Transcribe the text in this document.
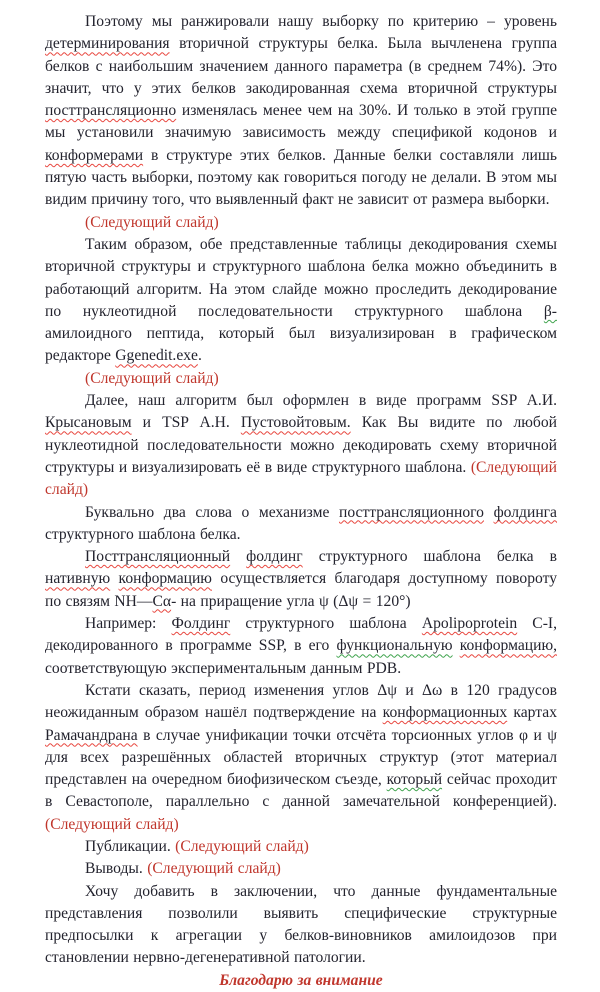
Поэтому мы ранжировали нашу выборку по критерию – уровень детерминирования вторичной структуры белка. Была вычленена группа белков с наибольшим значением данного параметра (в среднем 74%). Это значит, что у этих белков закодированная схема вторичной структуры посттрансляционно изменялась менее чем на 30%. И только в этой группе мы установили значимую зависимость между спецификой кодонов и конформерами в структуре этих белков. Данные белки составляли лишь пятую часть выборки, поэтому как говориться погоду не делали. В этом мы видим причину того, что выявленный факт не зависит от размера выборки.

(Следующий слайд)

Таким образом, обе представленные таблицы декодирования схемы вторичной структуры и структурного шаблона белка можно объединить в работающий алгоритм. На этом слайде можно проследить декодирование по нуклеотидной последовательности структурного шаблона β-амилоидного пептида, который был визуализирован в графическом редакторе Ggenedit.exe.

(Следующий слайд)

Далее, наш алгоритм был оформлен в виде программ SSP А.И. Крысановым и TSP А.Н. Пустовойтовым. Как Вы видите по любой нуклеотидной последовательности можно декодировать схему вторичной структуры и визуализировать её в виде структурного шаблона. (Следующий слайд)

Буквально два слова о механизме посттрансляционного фолдинга структурного шаблона белка.

Посттрансляционный фолдинг структурного шаблона белка в нативную конформацию осуществляется благодаря доступному повороту по связям NH—Cα- на приращение угла ψ (Δψ = 120°)

Например: Фолдинг структурного шаблона Apolipoprotein C-I, декодированного в программе SSP, в его функциональную конформацию, соответствующую экспериментальным данным PDB.

Кстати сказать, период изменения углов Δψ и Δω в 120 градусов неожиданным образом нашёл подтверждение на конформационных картах Рамачандрана в случае унификации точки отсчёта торсионных углов φ и ψ для всех разрешённых областей вторичных структур (этот материал представлен на очередном биофизическом съезде, который сейчас проходит в Севастополе, параллельно с данной замечательной конференцией). (Следующий слайд)

Публикации. (Следующий слайд)

Выводы. (Следующий слайд)

Хочу добавить в заключении, что данные фундаментальные представления позволили выявить специфические структурные предпосылки к агрегации у белков-виновников амилоидозов при становлении нервно-дегенеративной патологии.

Благодарю за внимание
